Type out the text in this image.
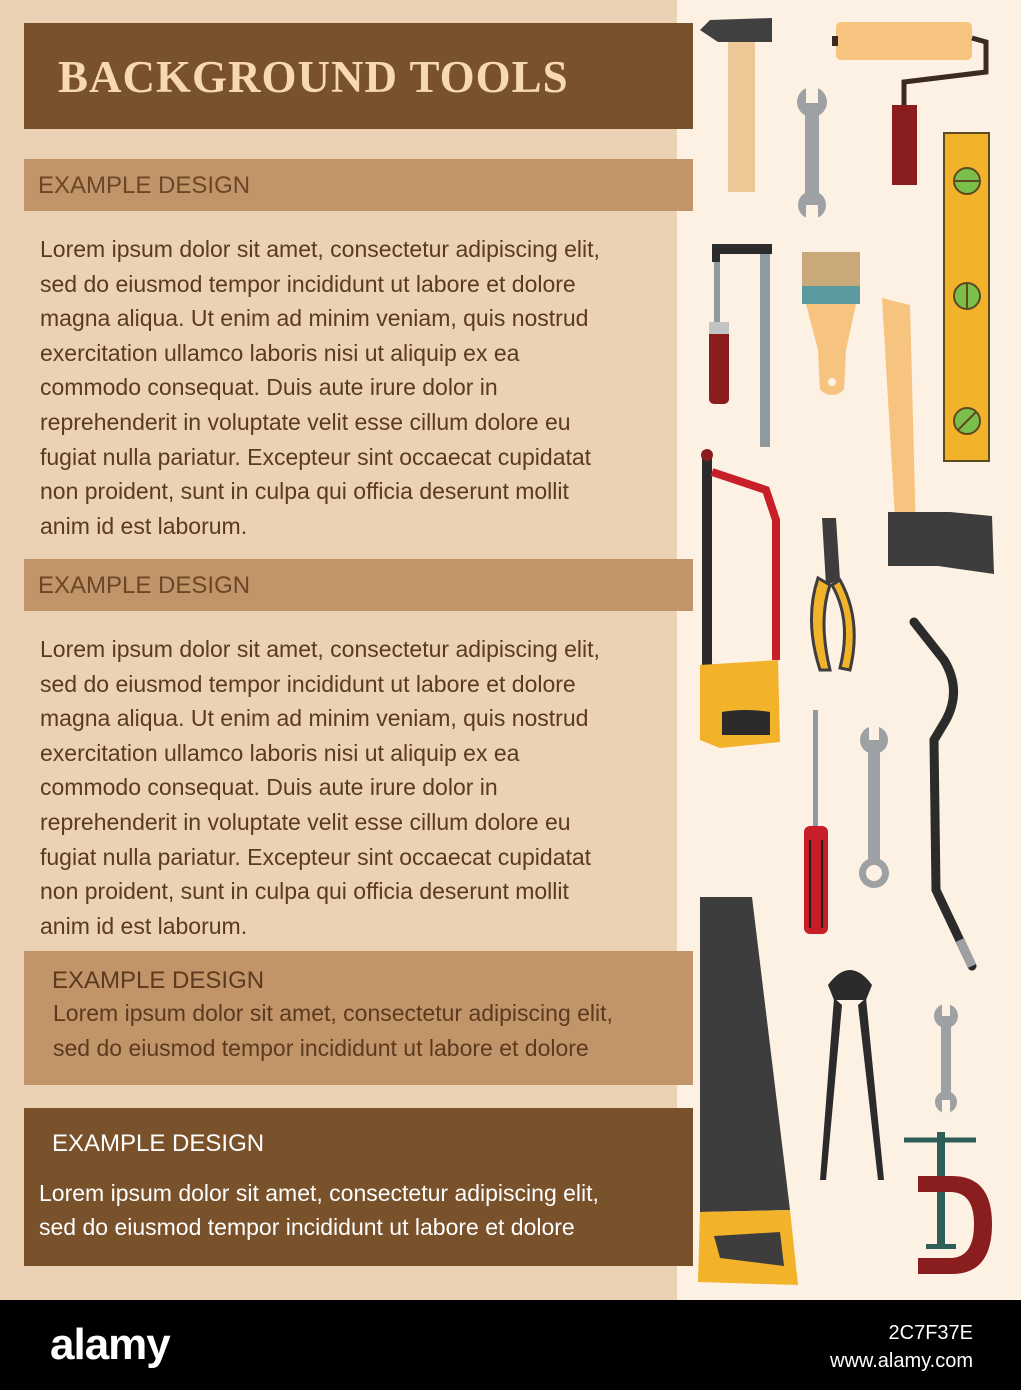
BACKGROUND TOOLS
EXAMPLE DESIGN
Lorem ipsum dolor sit amet, consectetur adipiscing elit,
sed do eiusmod tempor incididunt ut labore et dolore
magna aliqua. Ut enim ad minim veniam, quis nostrud
exercitation ullamco laboris nisi ut aliquip ex ea
commodo consequat. Duis aute irure dolor in
reprehenderit in voluptate velit esse cillum dolore eu
fugiat nulla pariatur. Excepteur sint occaecat cupidatat
non proident, sunt in culpa qui officia deserunt mollit
anim id est laborum.
EXAMPLE DESIGN
Lorem ipsum dolor sit amet, consectetur adipiscing elit,
sed do eiusmod tempor incididunt ut labore et dolore
magna aliqua. Ut enim ad minim veniam, quis nostrud
exercitation ullamco laboris nisi ut aliquip ex ea
commodo consequat. Duis aute irure dolor in
reprehenderit in voluptate velit esse cillum dolore eu
fugiat nulla pariatur. Excepteur sint occaecat cupidatat
non proident, sunt in culpa qui officia deserunt mollit
anim id est laborum.
EXAMPLE DESIGN
Lorem ipsum dolor sit amet, consectetur adipiscing elit,
sed do eiusmod tempor incididunt ut labore et dolore
EXAMPLE DESIGN
Lorem ipsum dolor sit amet, consectetur adipiscing elit,
sed do eiusmod tempor incididunt ut labore et dolore
alamy	2C7F37E
www.alamy.com
